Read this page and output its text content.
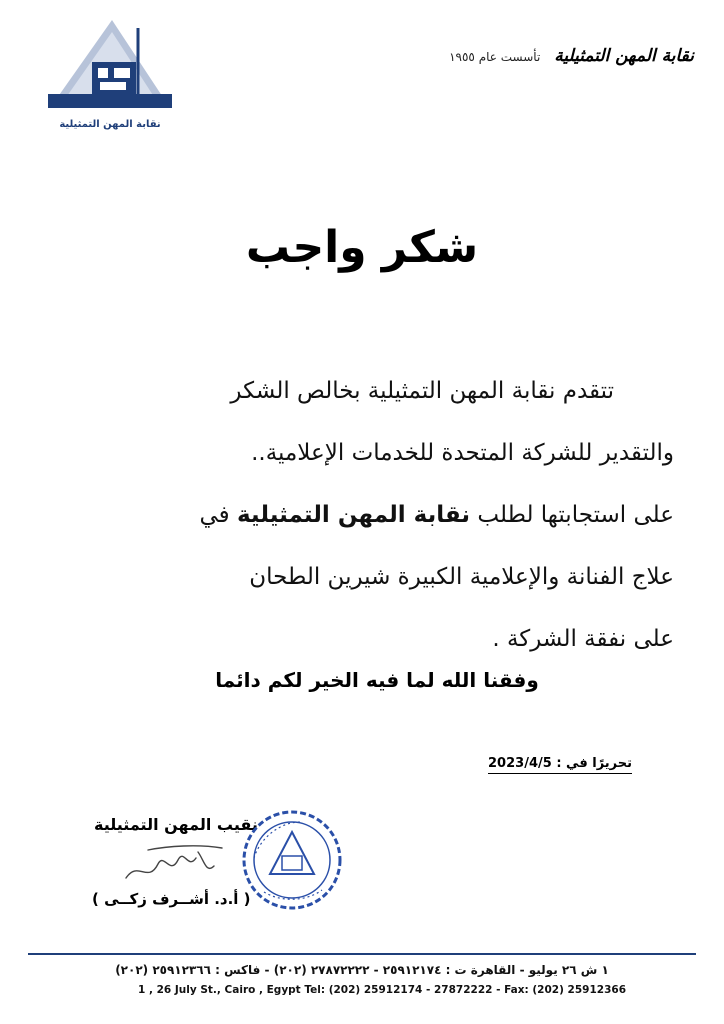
نقابة المهن التمثيلية
نقابة المهن التمثيلية
تأسست عام ١٩٥٥
شكر واجب
تتقدم نقابة المهن التمثيلية بخالص الشكر
والتقدير للشركة المتحدة للخدمات الإعلامية..
على استجابتها لطلب نقابة المهن التمثيلية في
علاج الفنانة والإعلامية الكبيرة شيرين الطحان
على نفقة الشركة .
وفقنا الله لما فيه الخير لكم دائما
تحريرًا في : 2023/4/5
نقيب المهن التمثيلية
( أ.د. أشــرف زكــى )
١ ش ٢٦ يوليو - القاهرة ت : ٢٥٩١٢١٧٤ - ٢٧٨٧٢٢٢٢ (٢٠٢) - فاكس : ٢٥٩١٢٣٦٦ (٢٠٢)
1 , 26 July St., Cairo , Egypt Tel: (202) 25912174 - 27872222 - Fax: (202) 25912366
